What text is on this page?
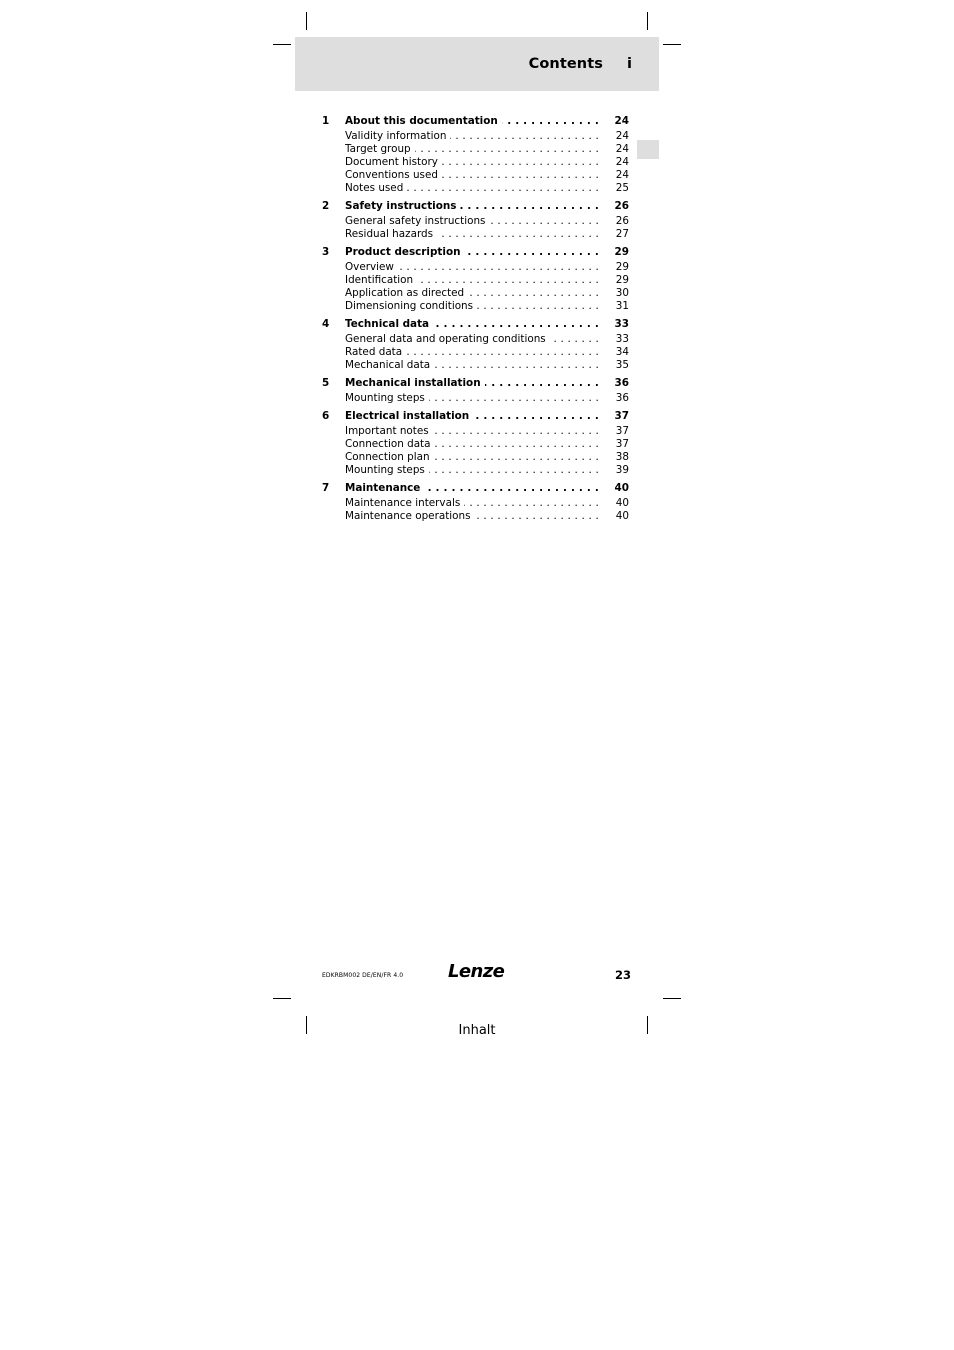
Contents i
1 About this documentation . . .	24
Validity information . . .	24
Target group . . .	24
Document history . . .	24
Conventions used . . .	24
Notes used . . .	25
2 Safety instructions . . .	26
General safety instructions . . .	26
Residual hazards . . .	27
3 Product description . . .	29
Overview . . .	29
Identification . . .	29
Application as directed . . .	30
Dimensioning conditions . . .	31
4 Technical data . . .	33
General data and operating conditions . . .	33
Rated data . . .	34
Mechanical data . . .	35
5 Mechanical installation . . .	36
Mounting steps . . .	36
6 Electrical installation . . .	37
Important notes . . .	37
Connection data . . .	37
Connection plan . . .	38
Mounting steps . . .	39
7 Maintenance . . .	40
Maintenance intervals . . .	40
Maintenance operations . . .	40
EDKRBM002 DE/EN/FR 4.0 Lenze	23
Inhalt
